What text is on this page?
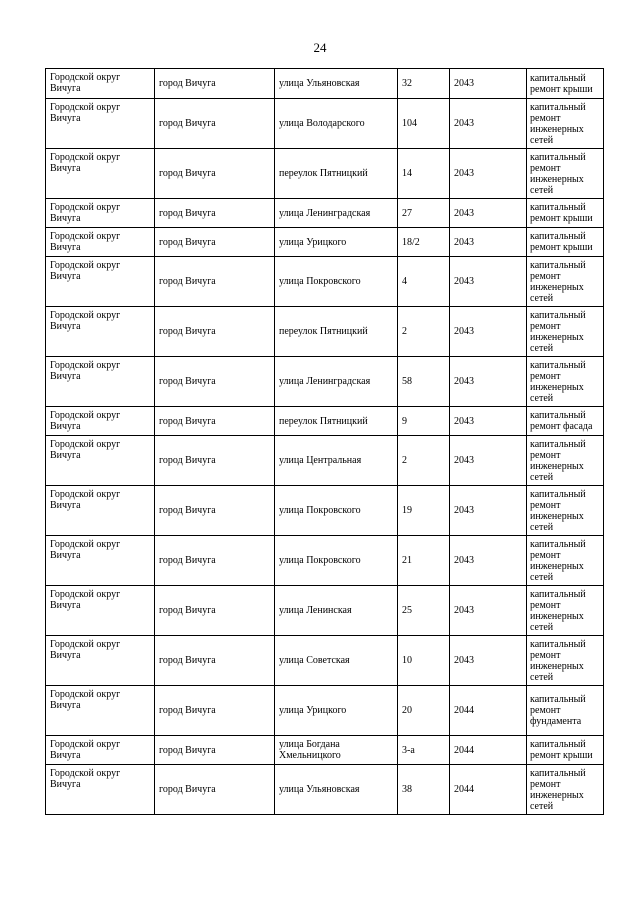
24
Городской округ Вичуга	город Вичуга	улица Ульяновская	32	2043	капитальный ремонт крыши
Городской округ Вичуга	город Вичуга	улица Володарского	104	2043	капитальный ремонт инженерных сетей
Городской округ Вичуга	город Вичуга	переулок Пятницкий	14	2043	капитальный ремонт инженерных сетей
Городской округ Вичуга	город Вичуга	улица Ленинградская	27	2043	капитальный ремонт крыши
Городской округ Вичуга	город Вичуга	улица Урицкого	18/2	2043	капитальный ремонт крыши
Городской округ Вичуга	город Вичуга	улица Покровского	4	2043	капитальный ремонт инженерных сетей
Городской округ Вичуга	город Вичуга	переулок Пятницкий	2	2043	капитальный ремонт инженерных сетей
Городской округ Вичуга	город Вичуга	улица Ленинградская	58	2043	капитальный ремонт инженерных сетей
Городской округ Вичуга	город Вичуга	переулок Пятницкий	9	2043	капитальный ремонт фасада
Городской округ Вичуга	город Вичуга	улица Центральная	2	2043	капитальный ремонт инженерных сетей
Городской округ Вичуга	город Вичуга	улица Покровского	19	2043	капитальный ремонт инженерных сетей
Городской округ Вичуга	город Вичуга	улица Покровского	21	2043	капитальный ремонт инженерных сетей
Городской округ Вичуга	город Вичуга	улица Ленинская	25	2043	капитальный ремонт инженерных сетей
Городской округ Вичуга	город Вичуга	улица Советская	10	2043	капитальный ремонт инженерных сетей
Городской округ Вичуга	город Вичуга	улица Урицкого	20	2044	капитальный ремонт фундамента
Городской округ Вичуга	город Вичуга	улица Богдана Хмельницкого	3-а	2044	капитальный ремонт крыши
Городской округ Вичуга	город Вичуга	улица Ульяновская	38	2044	капитальный ремонт инженерных сетей
